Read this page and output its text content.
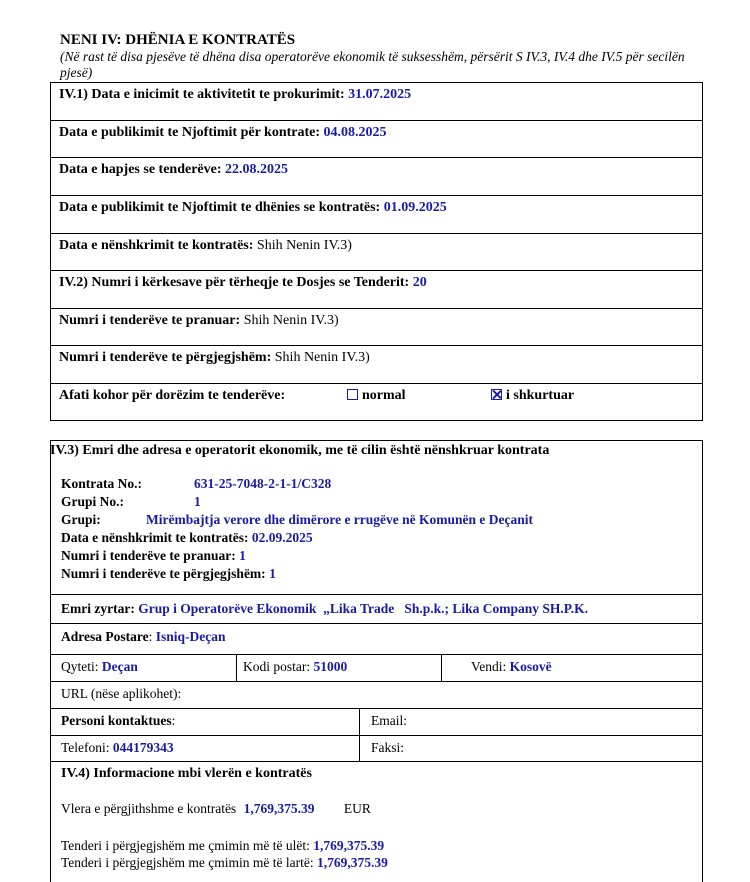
NENI IV: DHËNIA E KONTRATËS
(Në rast të disa pjesëve të dhëna disa operatorëve ekonomik të suksesshëm, përsërit S IV.3, IV.4 dhe IV.5 për secilën pjesë)
IV.1) Data e inicimit te aktivitetit te prokurimit: 31.07.2025
Data e publikimit te Njoftimit për kontrate: 04.08.2025
Data e hapjes se tenderëve: 22.08.2025
Data e publikimit te Njoftimit te dhënies se kontratës: 01.09.2025
Data e nënshkrimit te kontratës: Shih Nenin IV.3)
IV.2) Numri i kërkesave për tërheqje te Dosjes se Tenderit: 20
Numri i tenderëve te pranuar: Shih Nenin IV.3)
Numri i tenderëve te përgjegjshëm: Shih Nenin IV.3)
Afati kohor për dorëzim te tenderëve:	normal	i shkurtuar
IV.3) Emri dhe adresa e operatorit ekonomik, me të cilin është nënshkruar kontrata
Kontrata No.:	631-25-7048-2-1-1/C328
Grupi No.:	1
Grupi:	Mirëmbajtja verore dhe dimërore e rrugëve në Komunën e Deçanit
Data e nënshkrimit te kontratës: 02.09.2025
Numri i tenderëve te pranuar: 1
Numri i tenderëve te përgjegjshëm: 1
Emri zyrtar: Grup i Operatorëve Ekonomik  „Lika Trade   Sh.p.k.; Lika Company SH.P.K.
Adresa Postare: Isniq-Deçan
Qyteti: Deçan	Kodi postar: 51000	Vendi: Kosovë
URL (nëse aplikohet):
Personi kontaktues:	Email:
Telefoni: 044179343	Faksi:
IV.4) Informacione mbi vlerën e kontratës
Vlera e përgjithshme e kontratës 1,769,375.39 EUR
Tenderi i përgjegjshëm me çmimin më të ulët: 1,769,375.39
Tenderi i përgjegjshëm me çmimin më të lartë: 1,769,375.39
